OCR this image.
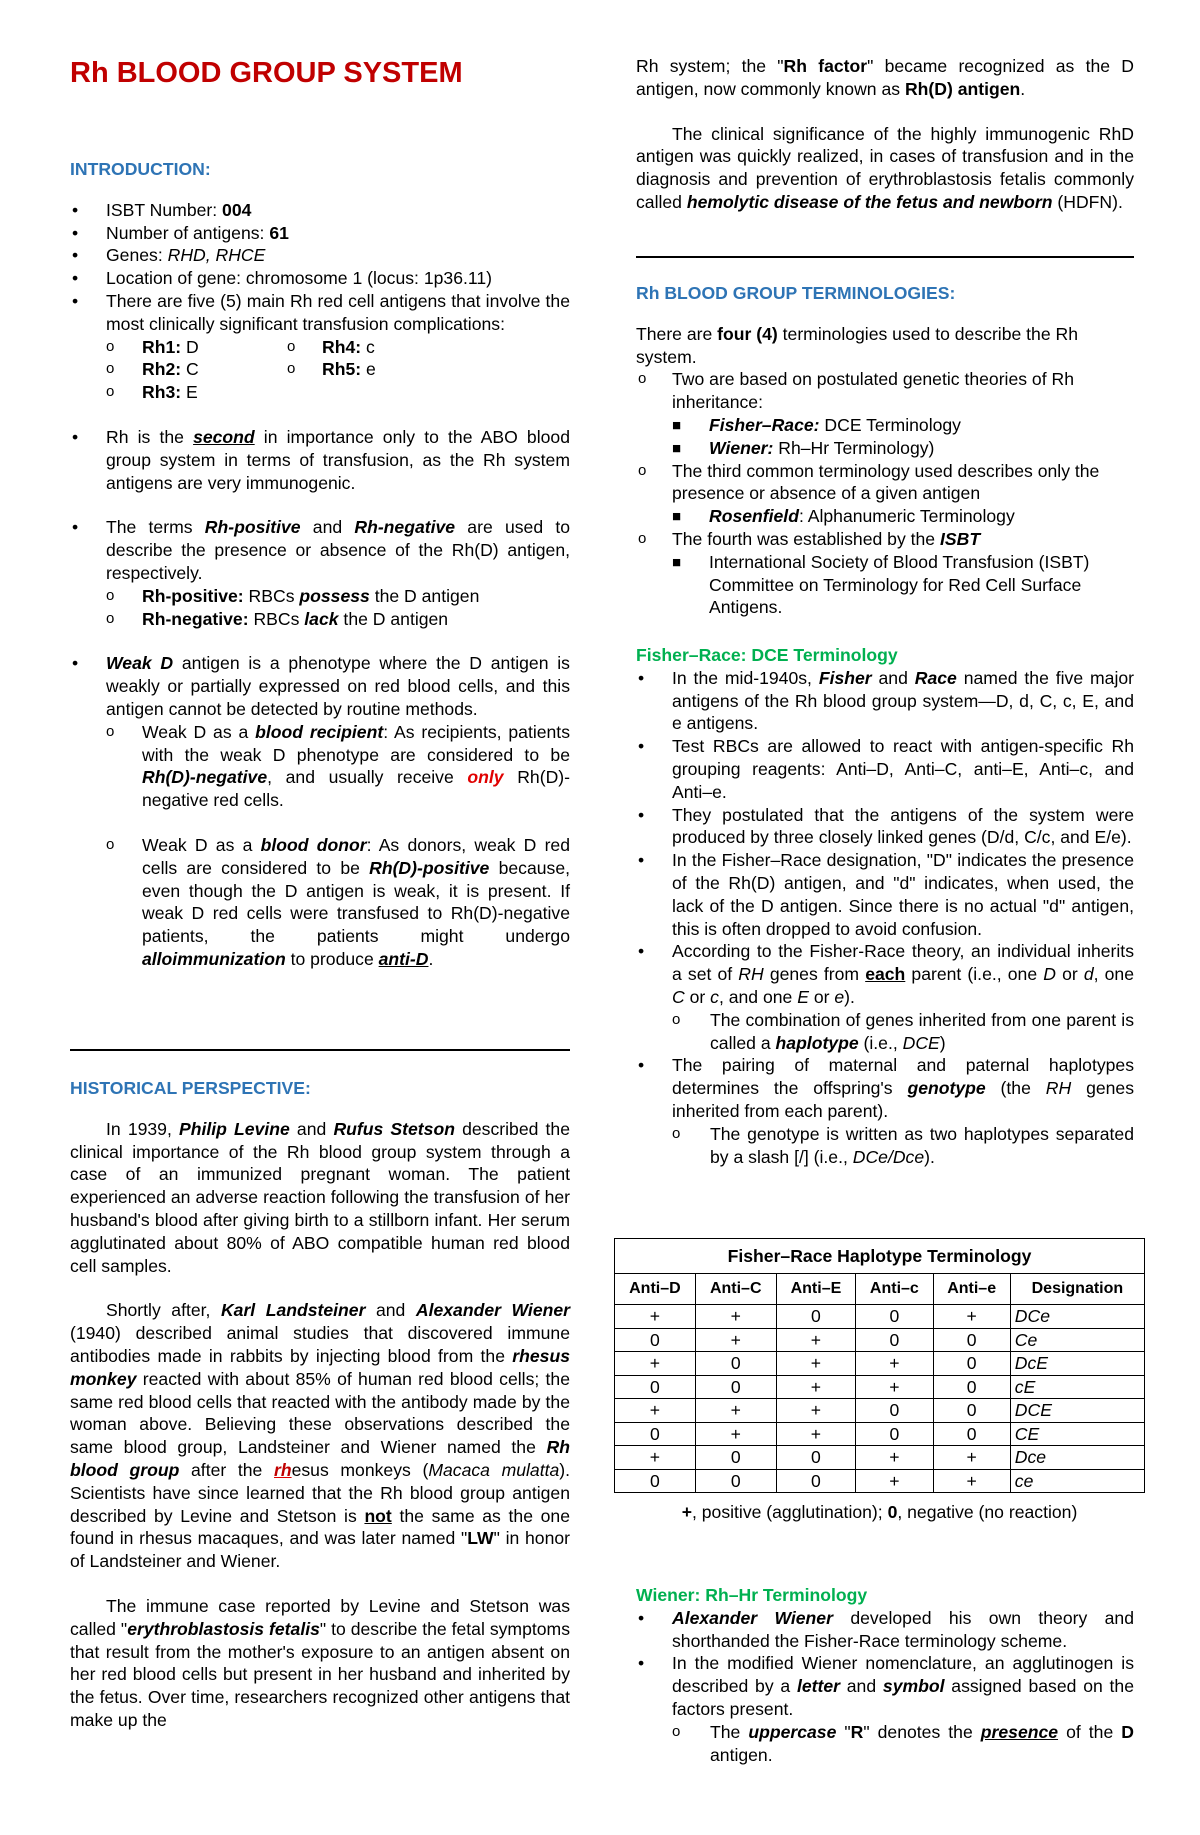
Rh BLOOD GROUP SYSTEM
INTRODUCTION:
• ISBT Number: 004
• Number of antigens: 61
• Genes: RHD, RHCE
• Location of gene: chromosome 1 (locus: 1p36.11)
• There are five (5) main Rh red cell antigens that involve the most clinically significant transfusion complications:
o Rh1: D	o Rh4: c
o Rh2: C	o Rh5: e
o Rh3: E
• Rh is the second in importance only to the ABO blood group system in terms of transfusion, as the Rh system antigens are very immunogenic.
• The terms Rh-positive and Rh-negative are used to describe the presence or absence of the Rh(D) antigen, respectively.
o Rh-positive: RBCs possess the D antigen
o Rh-negative: RBCs lack the D antigen
• Weak D antigen is a phenotype where the D antigen is weakly or partially expressed on red blood cells, and this antigen cannot be detected by routine methods.
o Weak D as a blood recipient: As recipients, patients with the weak D phenotype are considered to be Rh(D)-negative, and usually receive only Rh(D)-negative red cells.
o Weak D as a blood donor: As donors, weak D red cells are considered to be Rh(D)-positive because, even though the D antigen is weak, it is present. If weak D red cells were transfused to Rh(D)-negative patients, the patients might undergo alloimmunization to produce anti-D.
HISTORICAL PERSPECTIVE:

In 1939, Philip Levine and Rufus Stetson described the clinical importance of the Rh blood group system through a case of an immunized pregnant woman. The patient experienced an adverse reaction following the transfusion of her husband's blood after giving birth to a stillborn infant. Her serum agglutinated about 80% of ABO compatible human red blood cell samples.

Shortly after, Karl Landsteiner and Alexander Wiener (1940) described animal studies that discovered immune antibodies made in rabbits by injecting blood from the rhesus monkey reacted with about 85% of human red blood cells; the same red blood cells that reacted with the antibody made by the woman above. Believing these observations described the same blood group, Landsteiner and Wiener named the Rh blood group after the rhesus monkeys (Macaca mulatta). Scientists have since learned that the Rh blood group antigen described by Levine and Stetson is not the same as the one found in rhesus macaques, and was later named "LW" in honor of Landsteiner and Wiener.

The immune case reported by Levine and Stetson was called "erythroblastosis fetalis" to describe the fetal symptoms that result from the mother's exposure to an antigen absent on her red blood cells but present in her husband and inherited by the fetus. Over time, researchers recognized other antigens that make up the

Rh system; the "Rh factor" became recognized as the D antigen, now commonly known as Rh(D) antigen.

The clinical significance of the highly immunogenic RhD antigen was quickly realized, in cases of transfusion and in the diagnosis and prevention of erythroblastosis fetalis commonly called hemolytic disease of the fetus and newborn (HDFN).

Rh BLOOD GROUP TERMINOLOGIES:

There are four (4) terminologies used to describe the Rh system.

o Two are based on postulated genetic theories of Rh inheritance:
■ Fisher–Race: DCE Terminology
■ Wiener: Rh–Hr Terminology)
o The third common terminology used describes only the presence or absence of a given antigen
■ Rosenfield: Alphanumeric Terminology
o The fourth was established by the ISBT
■ International Society of Blood Transfusion (ISBT) Committee on Terminology for Red Cell Surface Antigens.
Fisher–Race: DCE Terminology
• In the mid-1940s, Fisher and Race named the five major antigens of the Rh blood group system—D, d, C, c, E, and e antigens.
• Test RBCs are allowed to react with antigen-specific Rh grouping reagents: Anti–D, Anti–C, anti–E, Anti–c, and Anti–e.
• They postulated that the antigens of the system were produced by three closely linked genes (D/d, C/c, and E/e).
• In the Fisher–Race designation, "D" indicates the presence of the Rh(D) antigen, and "d" indicates, when used, the lack of the D antigen. Since there is no actual "d" antigen, this is often dropped to avoid confusion.
• According to the Fisher-Race theory, an individual inherits a set of RH genes from each parent (i.e., one D or d, one C or c, and one E or e).
o The combination of genes inherited from one parent is called a haplotype (i.e., DCE)
• The pairing of maternal and paternal haplotypes determines the offspring's genotype (the RH genes inherited from each parent).
o The genotype is written as two haplotypes separated by a slash [/] (i.e., DCe/Dce).
Fisher–Race Haplotype Terminology					
Anti–D	Anti–C	Anti–E	Anti–c	Anti–e	Designation
+	+	0	0	+	DCe
0	+	+	0	0	Ce
+	0	+	+	0	DcE
0	0	+	+	0	cE
+	+	+	0	0	DCE
0	+	+	0	0	CE
+	0	0	+	+	Dce
0	0	0	+	+	ce

+, positive (agglutination); 0, negative (no reaction)

Wiener: Rh–Hr Terminology
• Alexander Wiener developed his own theory and shorthanded the Fisher-Race terminology scheme.
• In the modified Wiener nomenclature, an agglutinogen is described by a letter and symbol assigned based on the factors present.
o The uppercase "R" denotes the presence of the D antigen.
